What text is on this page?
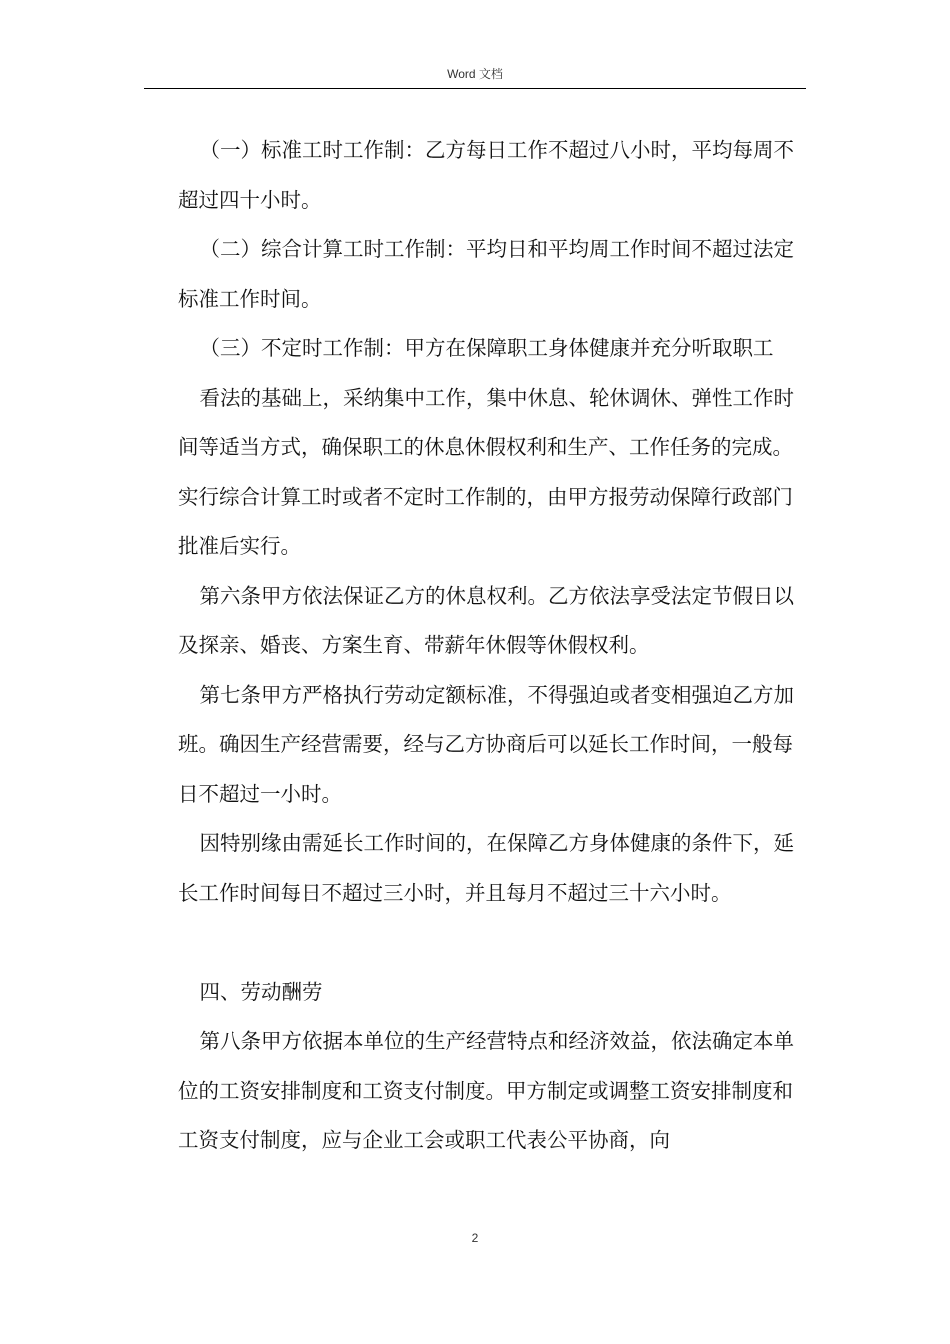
Word 文档

（一）标准工时工作制：乙方每日工作不超过八小时，平均每周不超过四十小时。

（二）综合计算工时工作制：平均日和平均周工作时间不超过法定标准工作时间。

（三）不定时工作制：甲方在保障职工身体健康并充分听取职工

看法的基础上，采纳集中工作，集中休息、轮休调休、弹性工作时间等适当方式，确保职工的休息休假权利和生产、工作任务的完成。实行综合计算工时或者不定时工作制的，由甲方报劳动保障行政部门批准后实行。

第六条甲方依法保证乙方的休息权利。乙方依法享受法定节假日以及探亲、婚丧、方案生育、带薪年休假等休假权利。

第七条甲方严格执行劳动定额标准，不得强迫或者变相强迫乙方加班。确因生产经营需要，经与乙方协商后可以延长工作时间，一般每日不超过一小时。

因特别缘由需延长工作时间的，在保障乙方身体健康的条件下，延长工作时间每日不超过三小时，并且每月不超过三十六小时。

四、劳动酬劳

第八条甲方依据本单位的生产经营特点和经济效益，依法确定本单位的工资安排制度和工资支付制度。甲方制定或调整工资安排制度和工资支付制度，应与企业工会或职工代表公平协商，向

2
